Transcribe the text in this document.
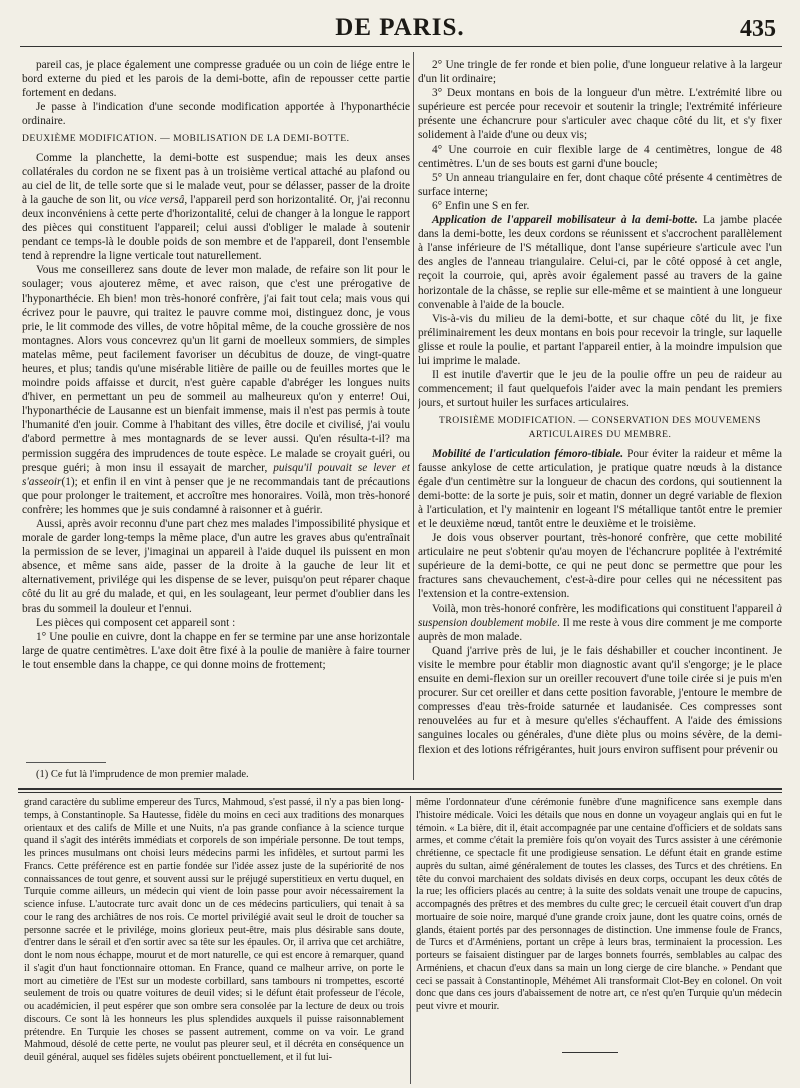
DE PARIS.	435

pareil cas, je place également une compresse graduée ou un coin de liége entre le bord externe du pied et les parois de la demi-botte, afin de repousser cette partie fortement en dedans.

Je passe à l'indication d'une seconde modification apportée à l'hyponarthécie ordinaire.

DEUXIÈME MODIFICATION. — MOBILISATION DE LA DEMI-BOTTE.

Comme la planchette, la demi-botte est suspendue; mais les deux anses collatérales du cordon ne se fixent pas à un troisième vertical attaché au plafond ou au ciel de lit, de telle sorte que si le malade veut, pour se délasser, passer de la droite à la gauche de son lit, ou vice versâ, l'appareil perd son horizontalité. Or, j'ai reconnu deux inconvéniens à cette perte d'horizontalité, celui de changer à la longue le rapport des pièces qui constituent l'appareil; celui aussi d'obliger le malade à soutenir pendant ce temps-là le double poids de son membre et de l'appareil, dont l'ensemble tend à reprendre la ligne verticale tout naturellement.

Vous me conseillerez sans doute de lever mon malade, de refaire son lit pour le soulager; vous ajouterez même, et avec raison, que c'est une prérogative de l'hyponarthécie. Eh bien! mon très-honoré confrère, j'ai fait tout cela; mais vous qui écrivez pour le pauvre, qui traitez le pauvre comme moi, distinguez donc, je vous prie, le lit commode des villes, de votre hôpital même, de la couche grossière de nos montagnes. Alors vous concevrez qu'un lit garni de moelleux sommiers, de simples matelas même, peut facilement favoriser un décubitus de douze, de vingt-quatre heures, et plus; tandis qu'une misérable litière de paille ou de feuilles mortes que le moindre poids affaisse et durcit, n'est guère capable d'abréger les longues nuits d'hiver, en permettant un peu de sommeil au malheureux qu'on y enterre! Oui, l'hyponarthécie de Lausanne est un bienfait immense, mais il n'est pas permis à toute l'humanité d'en jouir. Comme à l'habitant des villes, être docile et civilisé, j'ai voulu d'abord permettre à mes montagnards de se lever aussi. Qu'en résulta-t-il? ma permission suggéra des imprudences de toute espèce. Le malade se croyait guéri, ou presque guéri; à mon insu il essayait de marcher, puisqu'il pouvait se lever et s'asseoir(1); et enfin il en vint à penser que je ne recommandais tant de précautions que pour prolonger le traitement, et accroître mes honoraires. Voilà, mon très-honoré confrère; les hommes que je suis condamné à raisonner et à guérir.

Aussi, après avoir reconnu d'une part chez mes malades l'impossibilité physique et morale de garder long-temps la même place, d'un autre les graves abus qu'entraînait la permission de se lever, j'imaginai un appareil à l'aide duquel ils puissent en mon absence, et même sans aide, passer de la droite à la gauche de leur lit et alternativement, privilége qui les dispense de se lever, puisqu'on peut réparer chaque côté du lit au gré du malade, et qui, en les soulageant, leur permet d'oublier dans les bras du sommeil la douleur et l'ennui.

Les pièces qui composent cet appareil sont :

1° Une poulie en cuivre, dont la chappe en fer se termine par une anse horizontale large de quatre centimètres. L'axe doit être fixé à la poulie de manière à faire tourner le tout ensemble dans la chappe, ce qui donne moins de frottement;

2° Une tringle de fer ronde et bien polie, d'une longueur relative à la largeur d'un lit ordinaire;

3° Deux montans en bois de la longueur d'un mètre. L'extrémité libre ou supérieure est percée pour recevoir et soutenir la tringle; l'extrémité inférieure présente une échancrure pour s'articuler avec chaque côté du lit, et s'y fixer solidement à l'aide d'une ou deux vis;

4° Une courroie en cuir flexible large de 4 centimètres, longue de 48 centimètres. L'un de ses bouts est garni d'une boucle;

5° Un anneau triangulaire en fer, dont chaque côté présente 4 centimètres de surface interne;

6° Enfin une S en fer.

Application de l'appareil mobilisateur à la demi-botte. La jambe placée dans la demi-botte, les deux cordons se réunissent et s'accrochent parallèlement à l'anse inférieure de l'S métallique, dont l'anse supérieure s'articule avec l'un des angles de l'anneau triangulaire. Celui-ci, par le côté opposé à cet angle, reçoit la courroie, qui, après avoir également passé au travers de la gaine horizontale de la châsse, se replie sur elle-même et se maintient à une longueur convenable à l'aide de la boucle.

Vis-à-vis du milieu de la demi-botte, et sur chaque côté du lit, je fixe préliminairement les deux montans en bois pour recevoir la tringle, sur laquelle glisse et roule la poulie, et partant l'appareil entier, à la moindre impulsion que lui imprime le malade.

Il est inutile d'avertir que le jeu de la poulie offre un peu de raideur au commencement; il faut quelquefois l'aider avec la main pendant les premiers jours, et surtout huiler les surfaces articulaires.

TROISIÈME MODIFICATION. — CONSERVATION DES MOUVEMENS ARTICULAIRES DU MEMBRE.

Mobilité de l'articulation fémoro-tibiale. Pour éviter la raideur et même la fausse ankylose de cette articulation, je pratique quatre nœuds à la distance égale d'un centimètre sur la longueur de chacun des cordons, qui soutiennent la demi-botte: de la sorte je puis, soir et matin, donner un degré variable de flexion à l'articulation, et l'y maintenir en logeant l'S métallique tantôt entre le premier et le deuxième nœud, tantôt entre le deuxième et le troisième.

Je dois vous observer pourtant, très-honoré confrère, que cette mobilité articulaire ne peut s'obtenir qu'au moyen de l'échancrure poplitée à l'extrémité supérieure de la demi-botte, ce qui ne peut donc se permettre que pour les fractures sans chevauchement, c'est-à-dire pour celles qui ne nécessitent pas l'extension et la contre-extension.

Voilà, mon très-honoré confrère, les modifications qui constituent l'appareil à suspension doublement mobile. Il me reste à vous dire comment je me comporte auprès de mon malade.

Quand j'arrive près de lui, je le fais déshabiller et coucher incontinent. Je visite le membre pour établir mon diagnostic avant qu'il s'engorge; je le place ensuite en demi-flexion sur un oreiller recouvert d'une toile cirée si je puis m'en procurer. Sur cet oreiller et dans cette position favorable, j'entoure le membre de compresses d'eau très-froide saturnée et laudanisée. Ces compresses sont renouvelées au fur et à mesure qu'elles s'échauffent. A l'aide des émissions sanguines locales ou générales, d'une diète plus ou moins sévère, de la demi-flexion et des lotions réfrigérantes, huit jours environ suffisent pour prévenir ou

(1) Ce fut là l'imprudence de mon premier malade.

grand caractère du sublime empereur des Turcs, Mahmoud, s'est passé, il n'y a pas bien long-temps, à Constantinople. Sa Hautesse, fidèle du moins en ceci aux traditions des monarques orientaux et des califs de Mille et une Nuits, n'a pas grande confiance à la science turque quand il s'agit des intérêts immédiats et corporels de son impériale personne. De tout temps, les princes musulmans ont choisi leurs médecins parmi les infidèles, et surtout parmi les Francs. Cette préférence est en partie fondée sur l'idée assez juste de la supériorité de nos connaissances de tout genre, et souvent aussi sur le préjugé superstitieux en vertu duquel, en Turquie comme ailleurs, un médecin qui vient de loin passe pour avoir nécessairement la science infuse. L'autocrate turc avait donc un de ces médecins particuliers, qui tenait à sa cour le rang des archiâtres de nos rois. Ce mortel privilégié avait seul le droit de toucher sa personne sacrée et le privilége, moins glorieux peut-être, mais plus désirable sans doute, d'entrer dans le sérail et d'en sortir avec sa tête sur les épaules. Or, il arriva que cet archiâtre, dont le nom nous échappe, mourut et de mort naturelle, ce qui est encore à remarquer, quand il s'agit d'un haut fonctionnaire ottoman. En France, quand ce malheur arrive, on porte le mort au cimetière de l'Est sur un modeste corbillard, sans tambours ni trompettes, escorté seulement de trois ou quatre voitures de deuil vides; si le défunt était professeur de l'école, ou académicien, il peut espérer que son ombre sera consolée par la lecture de deux ou trois discours. Ce sont là les honneurs les plus splendides auxquels il puisse raisonnablement prétendre. En Turquie les choses se passent autrement, comme on va voir. Le grand Mahmoud, désolé de cette perte, ne voulut pas pleurer seul, et il décréta en conséquence un deuil général, auquel ses fidèles sujets obéirent ponctuellement, et il fut lui-

même l'ordonnateur d'une cérémonie funèbre d'une magnificence sans exemple dans l'histoire médicale. Voici les détails que nous en donne un voyageur anglais qui en fut le témoin. « La bière, dit il, était accompagnée par une centaine d'officiers et de soldats sans armes, et comme c'était la première fois qu'on voyait des Turcs assister à une cérémonie chrétienne, ce spectacle fit une prodigieuse sensation. Le défunt était en grande estime auprès du sultan, aimé généralement de toutes les classes, des Turcs et des chrétiens. En tête du convoi marchaient des soldats divisés en deux corps, occupant les deux côtés de la rue; les officiers placés au centre; à la suite des soldats venait une troupe de capucins, accompagnés des prêtres et des membres du culte grec; le cercueil était couvert d'un drap mortuaire de soie noire, marqué d'une grande croix jaune, dont les quatre coins, ornés de glands, étaient portés par des personnages de distinction. Une immense foule de Francs, de Turcs et d'Arméniens, portant un crêpe à leurs bras, terminaient la procession. Les porteurs se faisaient distinguer par de larges bonnets fourrés, semblables au calpac des Arméniens, et chacun d'eux dans sa main un long cierge de cire blanche. » Pendant que ceci se passait à Constantinople, Méhémet Ali transformait Clot-Bey en colonel. On voit donc que dans ces jours d'abaissement de notre art, ce n'est qu'en Turquie qu'un médecin peut vivre et mourir.
